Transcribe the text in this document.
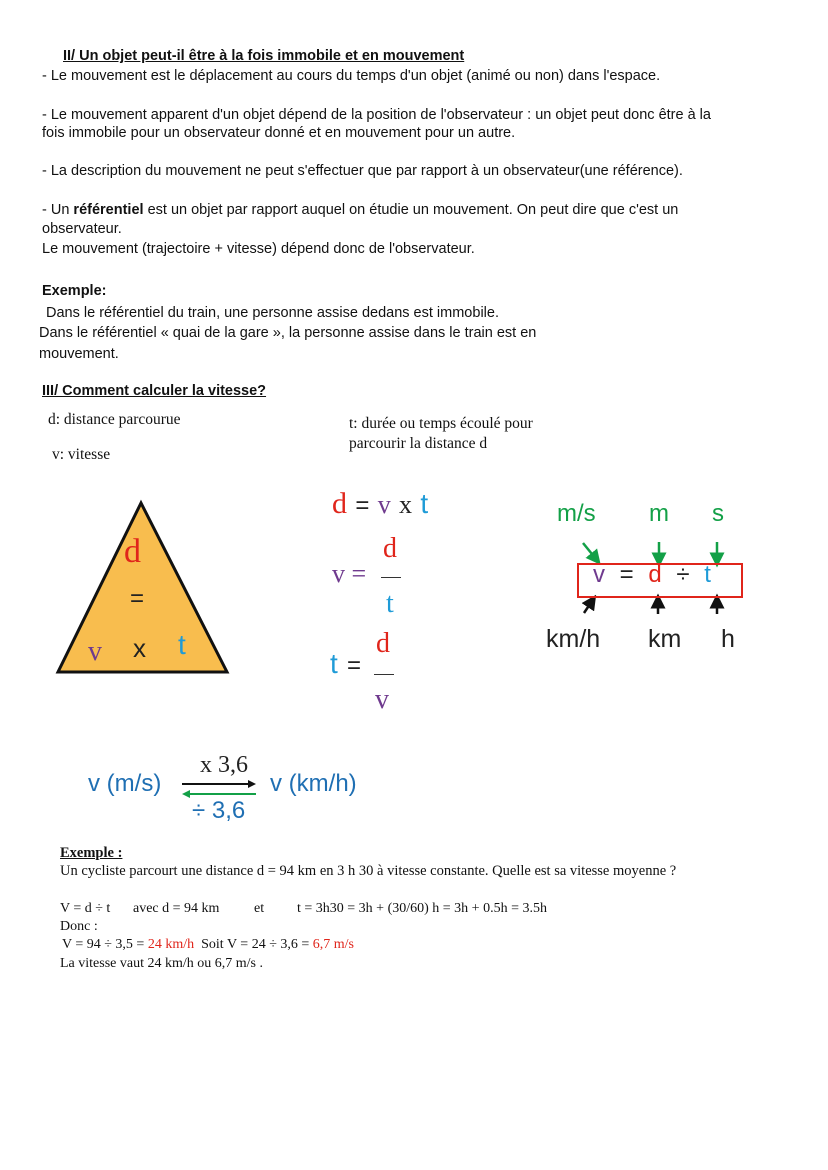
II/ Un objet peut-il être à la fois immobile et en mouvement
- Le mouvement est le déplacement au cours du temps d'un objet (animé ou non) dans l'espace.
- Le mouvement apparent d'un objet dépend de la position de l'observateur : un objet peut donc être à la
fois immobile pour un observateur donné et en mouvement pour un autre.
- La description du mouvement ne peut s'effectuer que par rapport à un observateur(une référence).
- Un référentiel est un objet par rapport auquel on étudie un mouvement. On peut dire que c'est un
observateur.
Le mouvement (trajectoire + vitesse) dépend donc de l'observateur.
Exemple:
Dans le référentiel du train, une personne assise dedans est immobile.
Dans le référentiel « quai de la gare », la personne assise dans le train est en
mouvement.
III/ Comment calculer la vitesse?
d: distance parcourue
v: vitesse
t: durée ou temps écoulé pour
parcourir la distance d
d
=
v x t
d = v x t
v =
d
t
t =
d
v
m/s m s
v = d ÷ t
km/h km h
v (m/s)
x 3,6
v (km/h)
÷ 3,6
Exemple :
Un cycliste parcourt une distance d = 94 km en 3 h 30 à vitesse constante. Quelle est sa vitesse moyenne ?
V = d ÷ t avec d = 94 km et t = 3h30 = 3h + (30/60) h = 3h + 0.5h = 3.5h
Donc :
V = 94 ÷ 3,5 = 24 km/h Soit V = 24 ÷ 3,6 = 6,7 m/s
La vitesse vaut 24 km/h ou 6,7 m/s .
